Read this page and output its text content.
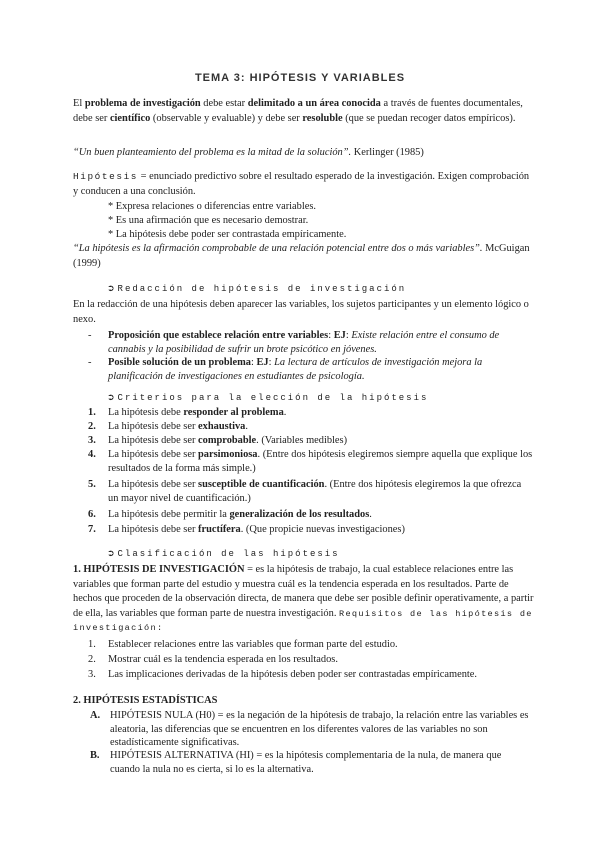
TEMA 3: HIPÓTESIS Y VARIABLES
El problema de investigación debe estar delimitado a un área conocida a través de fuentes documentales, debe ser científico (observable y evaluable) y debe ser resoluble (que se puedan recoger datos empíricos).
“Un buen planteamiento del problema es la mitad de la solución”. Kerlinger (1985)
Hipótesis = enunciado predictivo sobre el resultado esperado de la investigación. Exigen comprobación y conducen a una conclusión.
* Expresa relaciones o diferencias entre variables.
* Es una afirmación que es necesario demostrar.
* La hipótesis debe poder ser contrastada empíricamente.
“La hipótesis es la afirmación comprobable de una relación potencial entre dos o más variables”. McGuigan (1999)
➲ Redacción de hipótesis de investigación
En la redacción de una hipótesis deben aparecer las variables, los sujetos participantes y un elemento lógico o nexo.
- Proposición que establece relación entre variables: EJ: Existe relación entre el consumo de cannabis y la posibilidad de sufrir un brote psicótico en jóvenes.
- Posible solución de un problema: EJ: La lectura de artículos de investigación mejora la planificación de investigaciones en estudiantes de psicología.
➲ Criterios para la elección de la hipótesis
1. La hipótesis debe responder al problema.
2. La hipótesis debe ser exhaustiva.
3. La hipótesis debe ser comprobable. (Variables medibles)
4. La hipótesis debe ser parsimoniosa. (Entre dos hipótesis elegiremos siempre aquella que explique los resultados de la forma más simple.)
5. La hipótesis debe ser susceptible de cuantificación. (Entre dos hipótesis elegiremos la que ofrezca un mayor nivel de cuantificación.)
6. La hipótesis debe permitir la generalización de los resultados.
7. La hipótesis debe ser fructífera. (Que propicie nuevas investigaciones)
➲ Clasificación de las hipótesis
1. HIPÓTESIS DE INVESTIGACIÓN = es la hipótesis de trabajo, la cual establece relaciones entre las variables que forman parte del estudio y muestra cuál es la tendencia esperada en los resultados. Parte de hechos que proceden de la observación directa, de manera que debe ser posible definir operativamente, a partir de ella, las variables que forman parte de nuestra investigación. Requisitos de las hipótesis de investigación:
1. Establecer relaciones entre las variables que forman parte del estudio.
2. Mostrar cuál es la tendencia esperada en los resultados.
3. Las implicaciones derivadas de la hipótesis deben poder ser contrastadas empíricamente.
2. HIPÓTESIS ESTADÍSTICAS
A. HIPÓTESIS NULA (H0) = es la negación de la hipótesis de trabajo, la relación entre las variables es aleatoria, las diferencias que se encuentren en los diferentes valores de las variables no son estadísticamente significativas.
B. HIPÓTESIS ALTERNATIVA (HI) = es la hipótesis complementaria de la nula, de manera que cuando la nula no es cierta, si lo es la alternativa.
